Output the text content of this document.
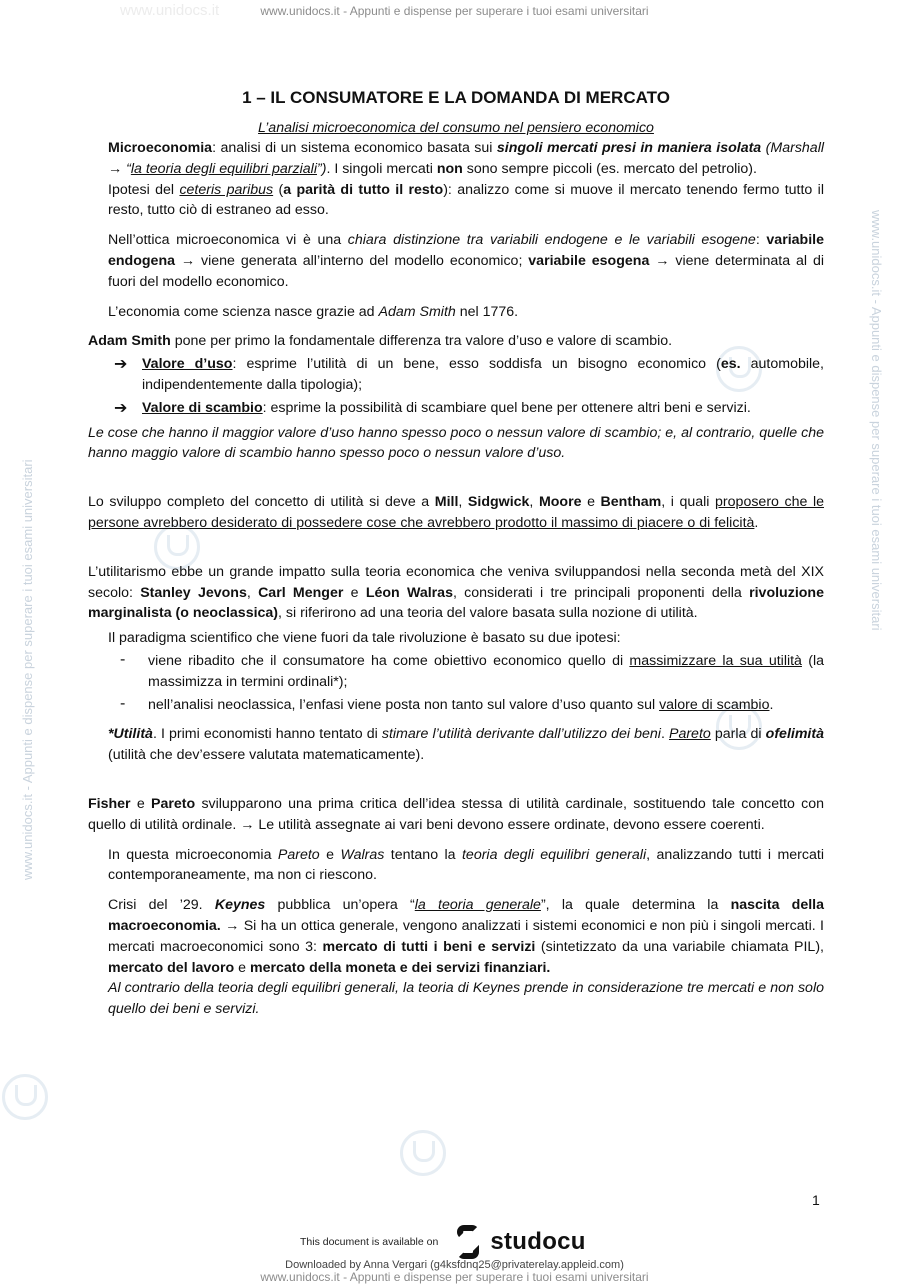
www.unidocs.it - Appunti e dispense per superare i tuoi esami universitari
www.unidocs.it
www.unidocs.it - Appunti e dispense per superare i tuoi esami universitari
www.unidocs.it - Appunti e dispense per superare i tuoi esami universitari
1 – IL CONSUMATORE E LA DOMANDA DI MERCATO
L’analisi microeconomica del consumo nel pensiero economico

Microeconomia: analisi di un sistema economico basata sui singoli mercati presi in maniera isolata (Marshall → “la teoria degli equilibri parziali”). I singoli mercati non sono sempre piccoli (es. mercato del petrolio).

Ipotesi del ceteris paribus (a parità di tutto il resto): analizzo come si muove il mercato tenendo fermo tutto il resto, tutto ciò di estraneo ad esso.

Nell’ottica microeconomica vi è una chiara distinzione tra variabili endogene e le variabili esogene: variabile endogena → viene generata all’interno del modello economico; variabile esogena → viene determinata al di fuori del modello economico.

L’economia come scienza nasce grazie ad Adam Smith nel 1776.

Adam Smith pone per primo la fondamentale differenza tra valore d’uso e valore di scambio.

➔	Valore d’uso: esprime l’utilità di un bene, esso soddisfa un bisogno economico (es. automobile, indipendentemente dalla tipologia);

➔	Valore di scambio: esprime la possibilità di scambiare quel bene per ottenere altri beni e servizi.

Le cose che hanno il maggior valore d’uso hanno spesso poco o nessun valore di scambio; e, al contrario, quelle che hanno maggio valore di scambio hanno spesso poco o nessun valore d’uso.

Lo sviluppo completo del concetto di utilità si deve a Mill, Sidgwick, Moore e Bentham, i quali proposero che le persone avrebbero desiderato di possedere cose che avrebbero prodotto il massimo di piacere o di felicità.

L’utilitarismo ebbe un grande impatto sulla teoria economica che veniva sviluppandosi nella seconda metà del XIX secolo: Stanley Jevons, Carl Menger e Léon Walras, considerati i tre principali proponenti della rivoluzione marginalista (o neoclassica), si riferirono ad una teoria del valore basata sulla nozione di utilità.

Il paradigma scientifico che viene fuori da tale rivoluzione è basato su due ipotesi:

-	viene ribadito che il consumatore ha come obiettivo economico quello di massimizzare la sua utilità (la massimizza in termini ordinali*);

-	nell’analisi neoclassica, l’enfasi viene posta non tanto sul valore d’uso quanto sul valore di scambio.

*Utilità. I primi economisti hanno tentato di stimare l’utilità derivante dall’utilizzo dei beni. Pareto parla di ofelimità (utilità che dev’essere valutata matematicamente).

Fisher e Pareto svilupparono una prima critica dell’idea stessa di utilità cardinale, sostituendo tale concetto con quello di utilità ordinale. → Le utilità assegnate ai vari beni devono essere ordinate, devono essere coerenti.

In questa microeconomia Pareto e Walras tentano la teoria degli equilibri generali, analizzando tutti i mercati contemporaneamente, ma non ci riescono.

Crisi del ’29. Keynes pubblica un’opera “la teoria generale”, la quale determina la nascita della macroeconomia. → Si ha un ottica generale, vengono analizzati i sistemi economici e non più i singoli mercati. I mercati macroeconomici sono 3: mercato di tutti i beni e servizi (sintetizzato da una variabile chiamata PIL), mercato del lavoro e mercato della moneta e dei servizi finanziari.

Al contrario della teoria degli equilibri generali, la teoria di Keynes prende in considerazione tre mercati e non solo quello dei beni e servizi.

1
This document is available on studocu
Downloaded by Anna Vergari (g4ksfdnq25@privaterelay.appleid.com)
www.unidocs.it - Appunti e dispense per superare i tuoi esami universitari
